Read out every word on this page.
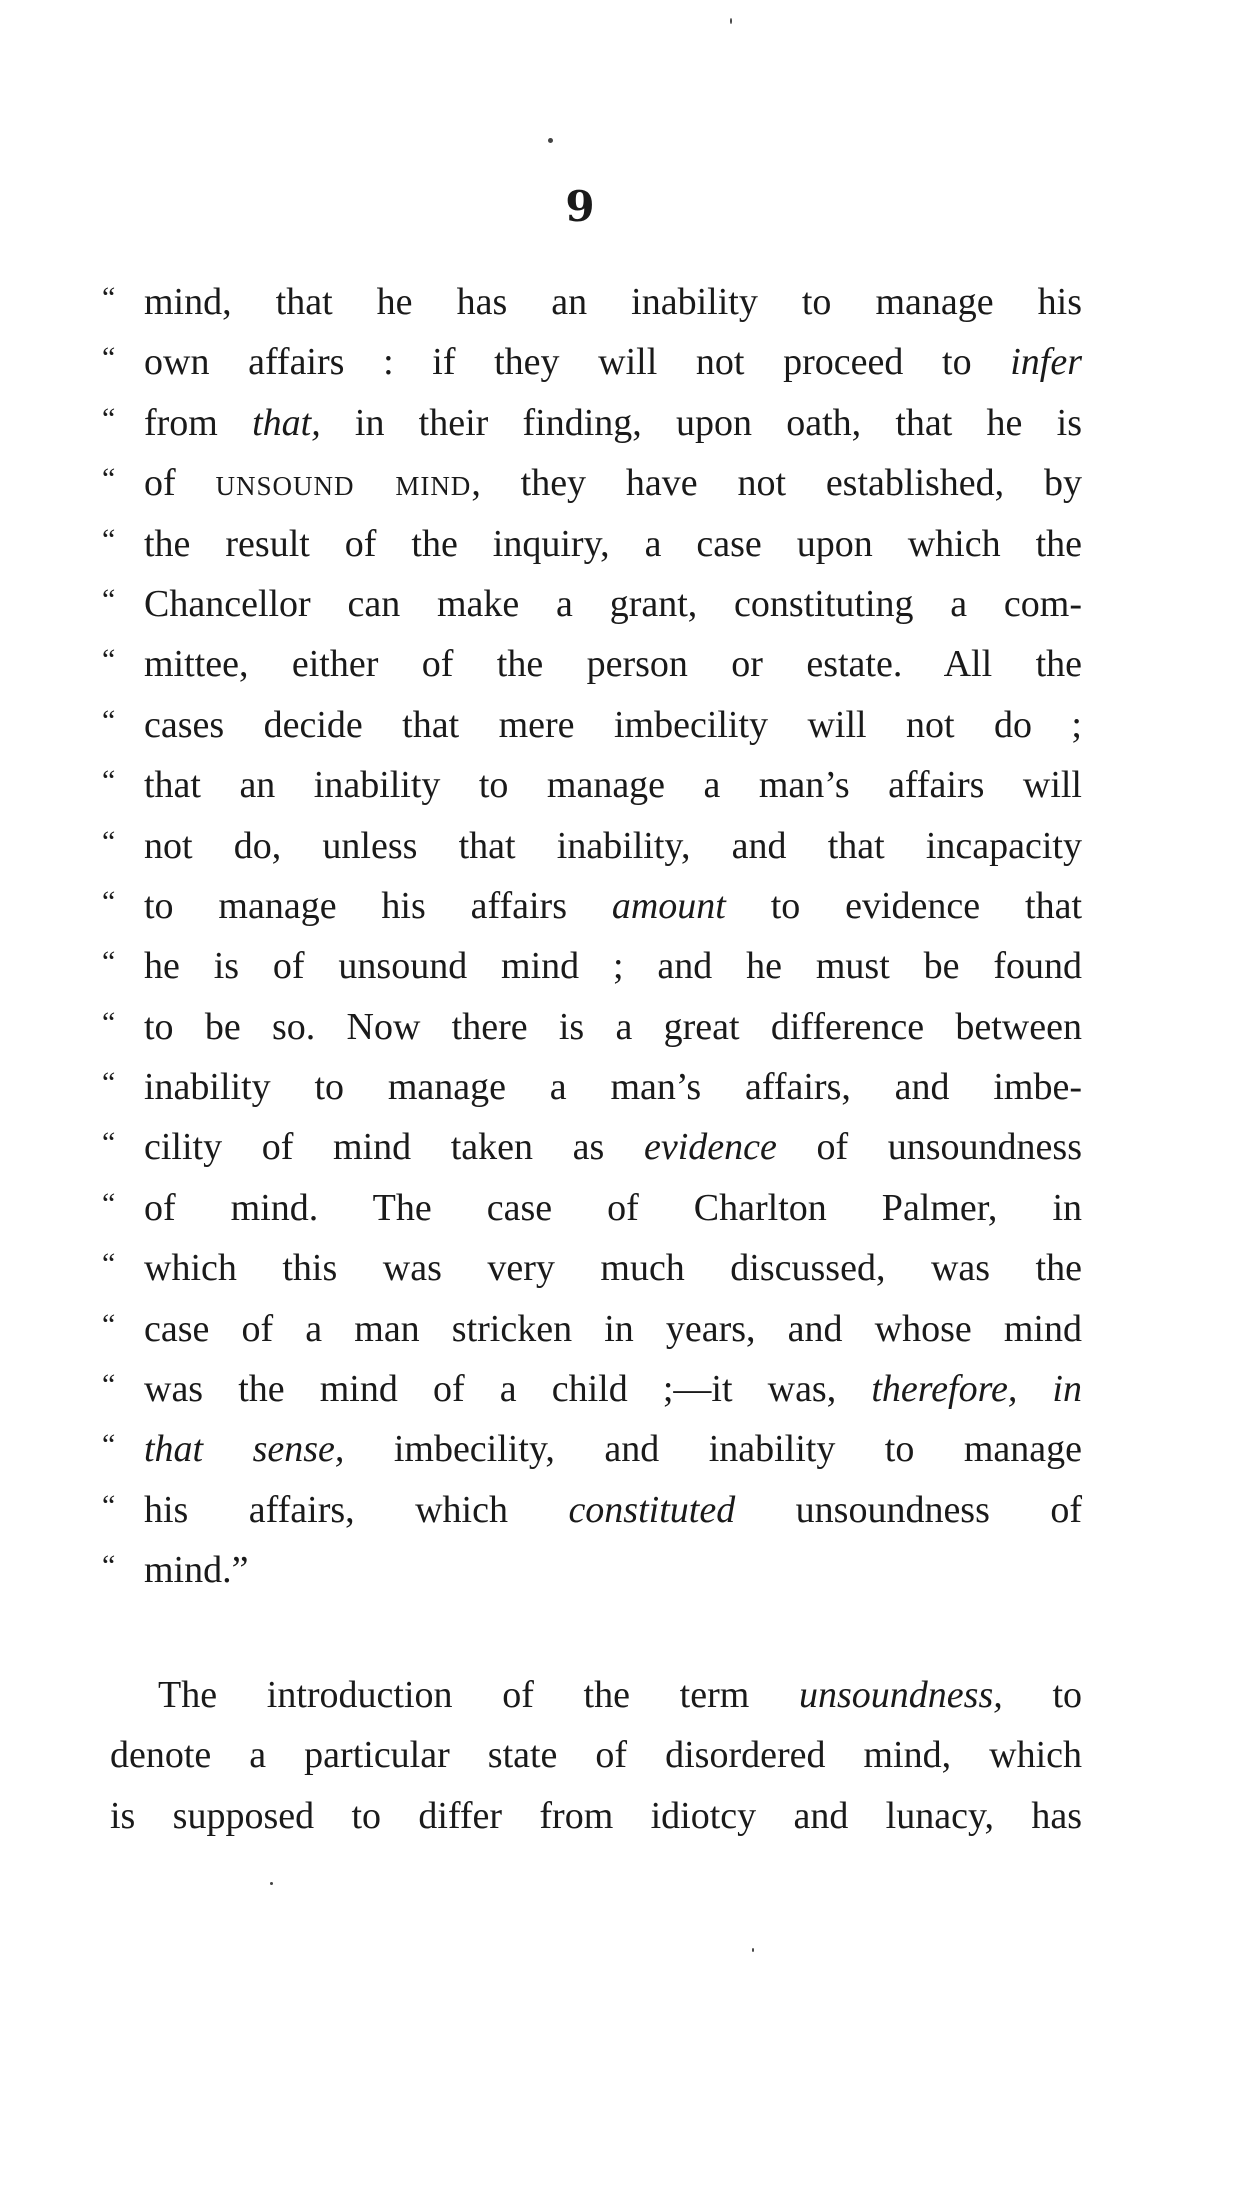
9
“ mind, that he has an inability to manage his
“ own affairs : if they will not proceed to infer
“ from that, in their finding, upon oath, that he is
“ of unsound mind, they have not established, by
“ the result of the inquiry, a case upon which the
“ Chancellor can make a grant, constituting a com-
“ mittee, either of the person or estate. All the
“ cases decide that mere imbecility will not do ;
“ that an inability to manage a man’s affairs will
“ not do, unless that inability, and that incapacity
“ to manage his affairs amount to evidence that
“ he is of unsound mind ; and he must be found
“ to be so. Now there is a great difference between
“ inability to manage a man’s affairs, and imbe-
“ cility of mind taken as evidence of unsoundness
“ of mind. The case of Charlton Palmer, in
“ which this was very much discussed, was the
“ case of a man stricken in years, and whose mind
“ was the mind of a child ;—it was, therefore, in
“ that sense, imbecility, and inability to manage
“ his affairs, which constituted unsoundness of
“ mind.”
The introduction of the term unsoundness, to
denote a particular state of disordered mind, which
is supposed to differ from idiotcy and lunacy, has
